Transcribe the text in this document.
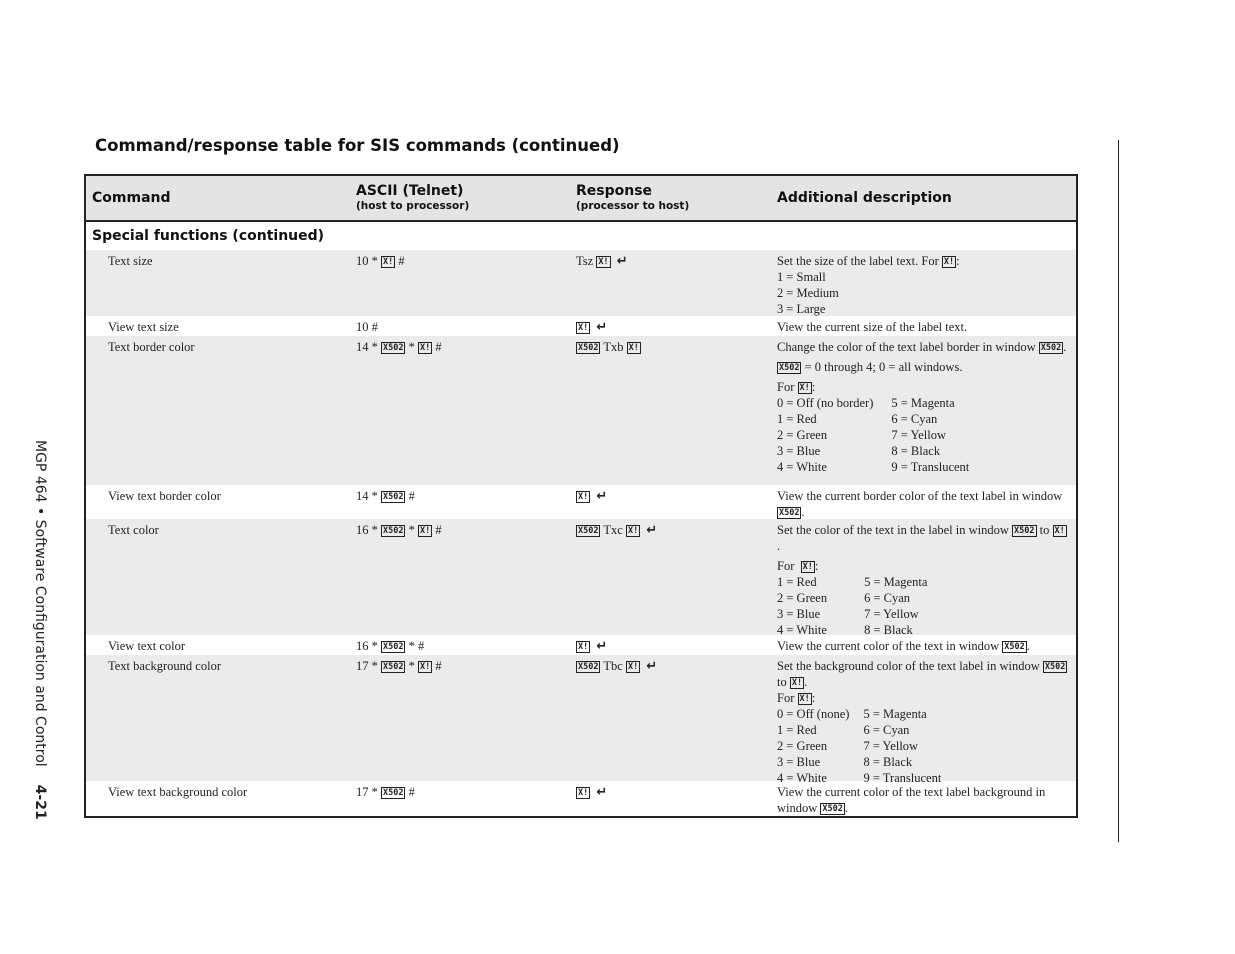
Command/response table for SIS commands (continued)
MGP 464 • Software Configuration and Control4-21
Command	ASCII (Telnet)
(host to processor)
Response
(processor to host)	Additional description
Special functions (continued)
Text size	10 * X! #	Tsz X! ↵	Set the size of the label text. For X! :

1 = Small

2 = Medium

3 = Large

View text size	10 #	X! ↵	View the current size of the label text.

Text border color	14 * X502 * X! #	X502 Txb X!	Change the color of the text label border in window X502 .

X502 = 0 through 4; 0 = all windows.

For X! :

0 = Off (no border)

1 = Red

2 = Green

3 = Blue

4 = White

5 = Magenta

6 = Cyan

7 = Yellow

8 = Black

9 = Translucent

View text border color	14 * X502 #	X! ↵	View the current border color of the text label in window X502 .

Text color	16 * X502 * X! #	X502 Txc X! ↵	Set the color of the text in the label in window X502 to X!.

For X! :

1 = Red

2 = Green

3 = Blue

4 = White

5 = Magenta

6 = Cyan

7 = Yellow

8 = Black

View text color	16 * X502 * #	X! ↵	View the current color of the text in window X502 .

Text background color	17 * X502 * X! #	X502 Tbc X! ↵	Set the background color of the text label in window X502 to X! .

For X! :

0 = Off (none)

1 = Red

2 = Green

3 = Blue

4 = White

5 = Magenta

6 = Cyan

7 = Yellow

8 = Black

9 = Translucent

View text background color	17 * X502 #	X! ↵	View the current color of the text label background in window X502 .
